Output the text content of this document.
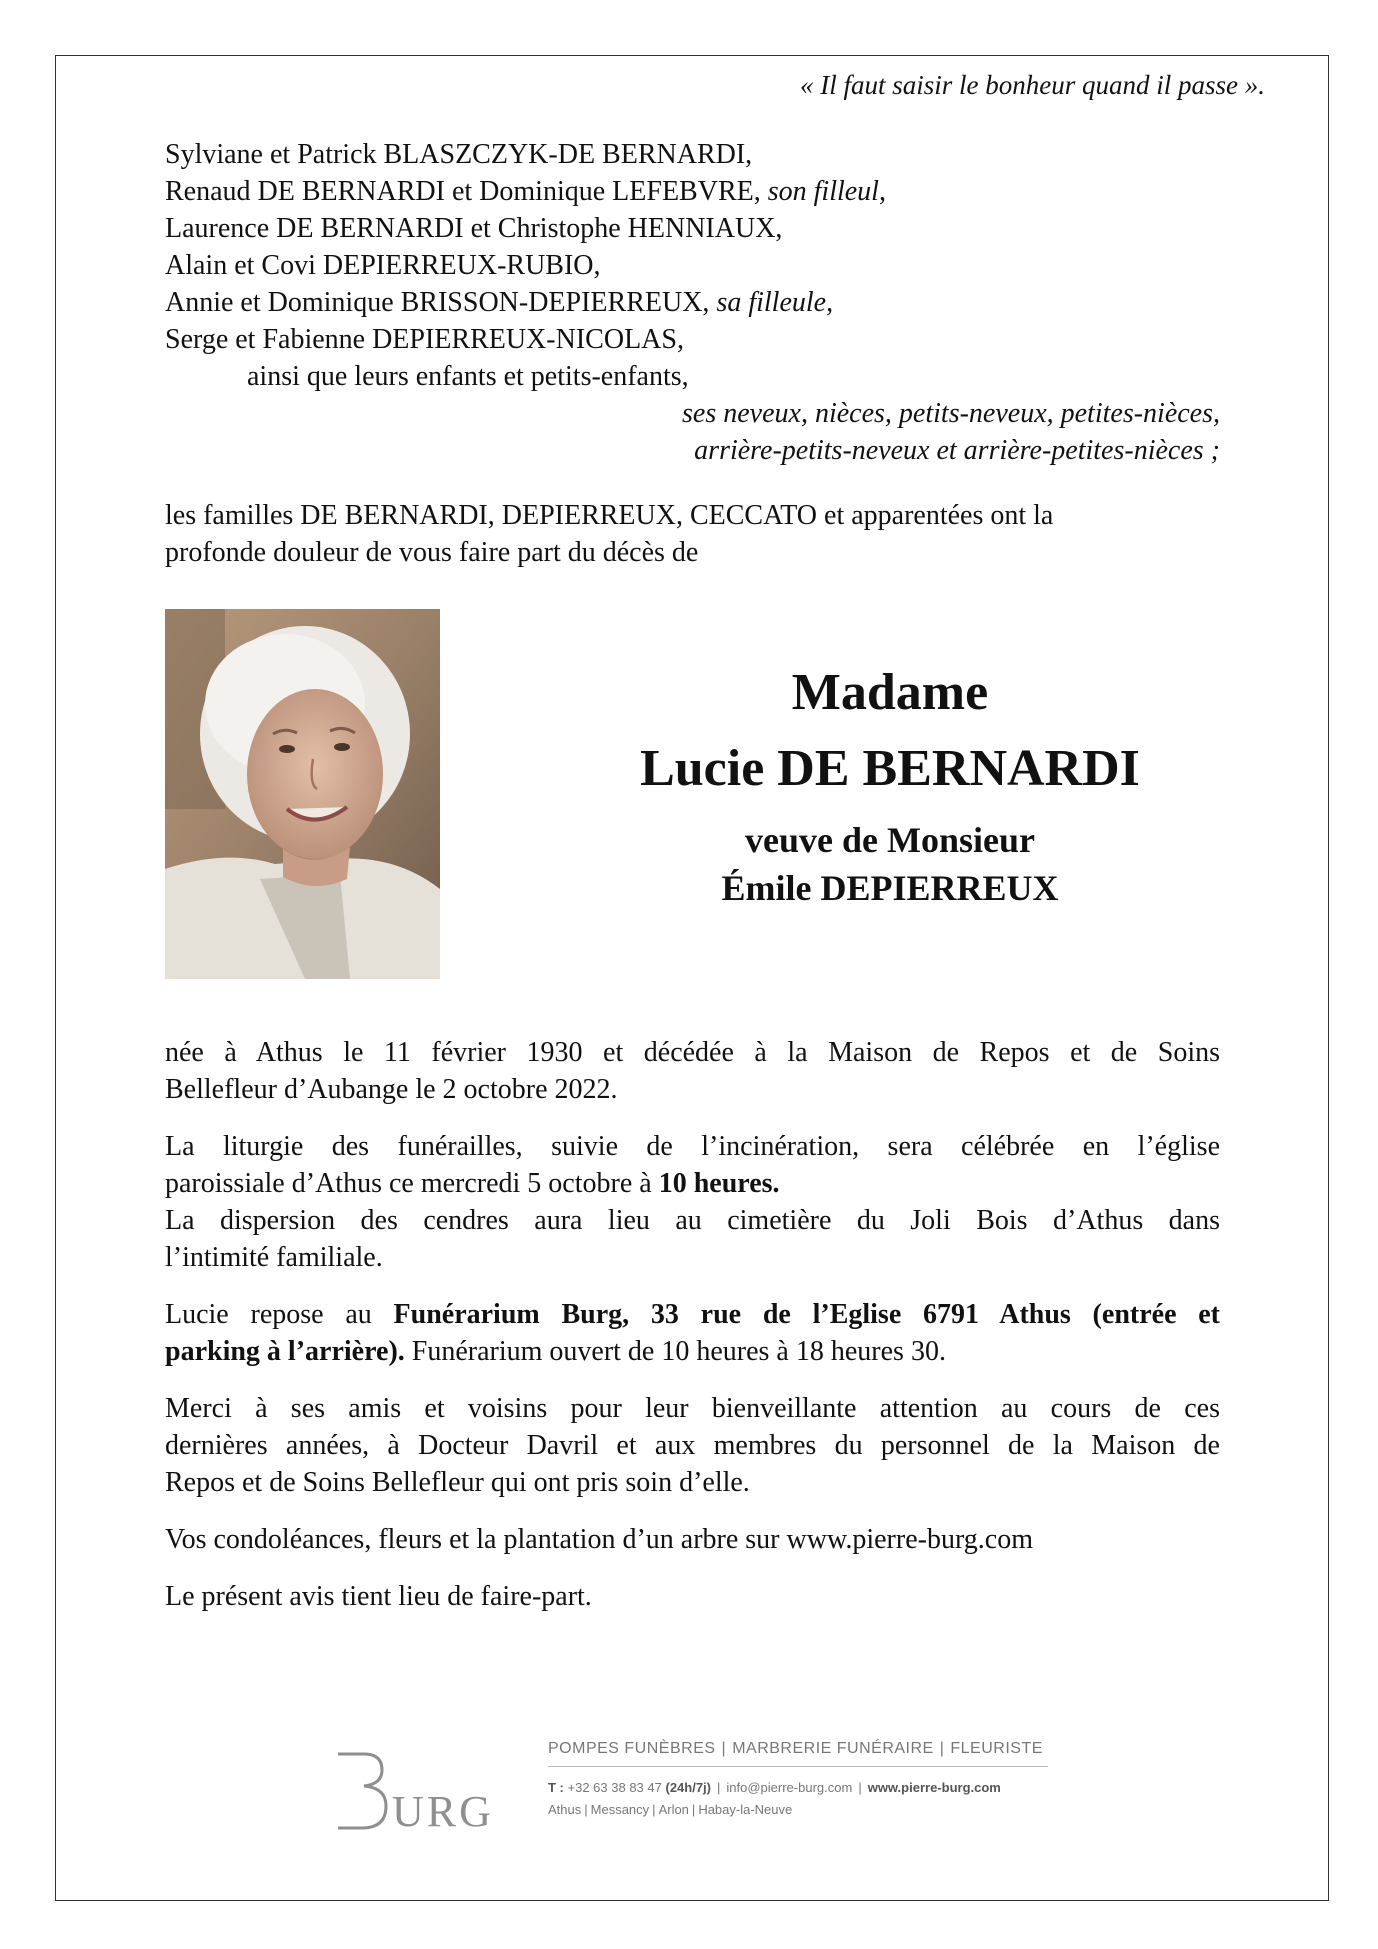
« Il faut saisir le bonheur quand il passe ».
Sylviane et Patrick BLASZCZYK-DE BERNARDI,
Renaud DE BERNARDI et Dominique LEFEBVRE, son filleul,
Laurence DE BERNARDI et Christophe HENNIAUX,
Alain et Covi DEPIERREUX-RUBIO,
Annie et Dominique BRISSON-DEPIERREUX, sa filleule,
Serge et Fabienne DEPIERREUX-NICOLAS,
ainsi que leurs enfants et petits-enfants,
ses neveux, nièces, petits-neveux, petites-nièces,
arrière-petits-neveux et arrière-petites-nièces ;
les familles DE BERNARDI, DEPIERREUX, CECCATO et apparentées ont la
profonde douleur de vous faire part du décès de
Madame
Lucie DE BERNARDI
veuve de Monsieur
Émile DEPIERREUX

née à Athus le 11 février 1930 et décédée à la Maison de Repos et de Soins
Bellefleur d’Aubange le 2 octobre 2022.

La liturgie des funérailles, suivie de l’incinération, sera célébrée en l’église
paroissiale d’Athus ce mercredi 5 octobre à 10 heures.
La dispersion des cendres aura lieu au cimetière du Joli Bois d’Athus dans
l’intimité familiale.

Lucie repose au Funérarium Burg, 33 rue de l’Eglise 6791 Athus (entrée et
parking à l’arrière). Funérarium ouvert de 10 heures à 18 heures 30.

Merci à ses amis et voisins pour leur bienveillante attention au cours de ces
dernières années, à Docteur Davril et aux membres du personnel de la Maison de
Repos et de Soins Bellefleur qui ont pris soin d’elle.

Vos condoléances, fleurs et la plantation d’un arbre sur www.pierre-burg.com

Le présent avis tient lieu de faire-part.

URG
POMPES FUNÈBRES | MARBRERIE FUNÉRAIRE | FLEURISTE
T : +32 63 38 83 47 (24h/7j) | info@pierre-burg.com | www.pierre-burg.com
Athus | Messancy | Arlon | Habay-la-Neuve
